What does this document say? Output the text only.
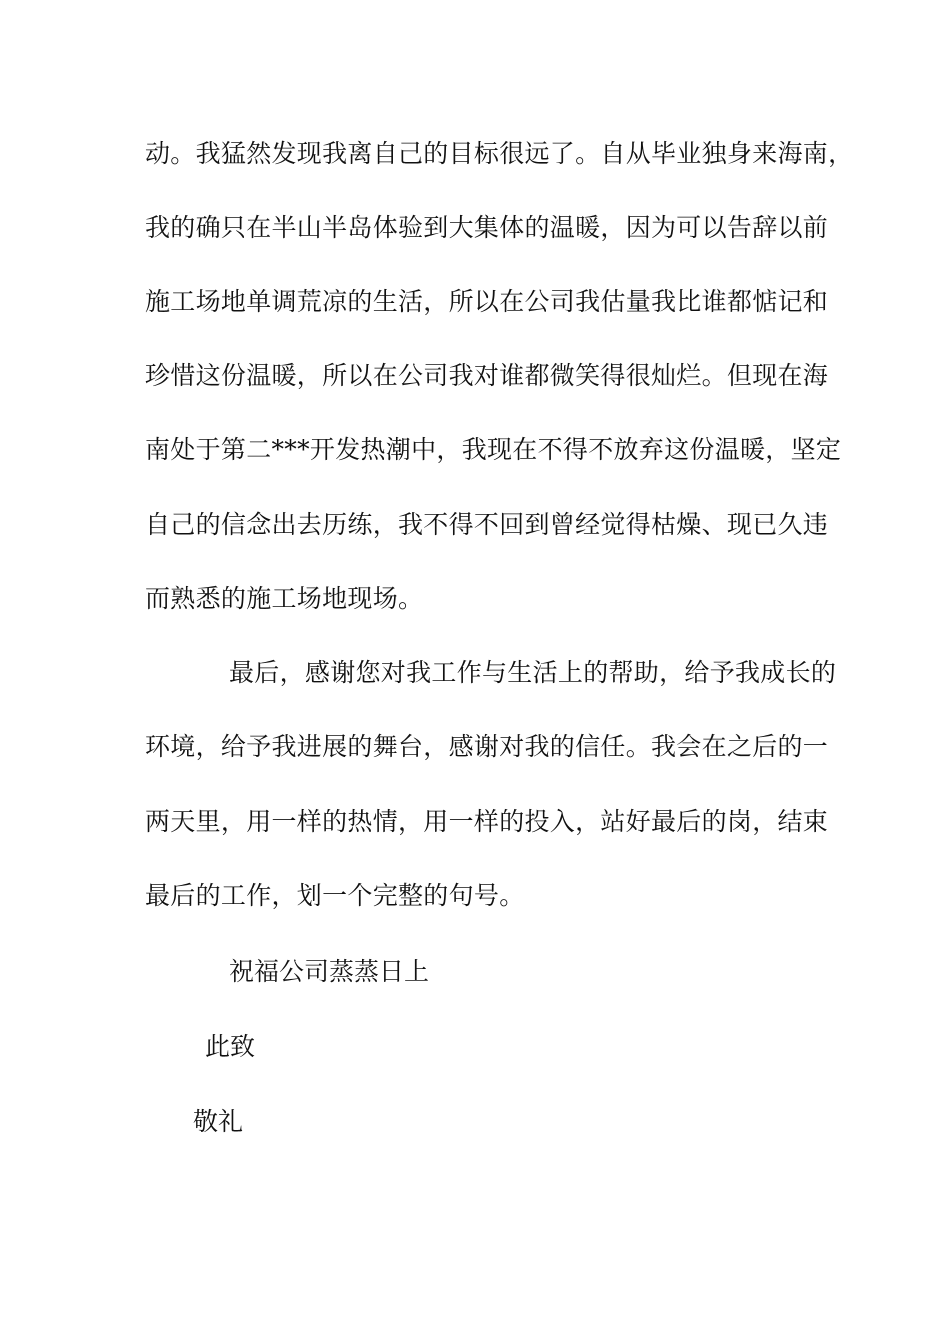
动。我猛然发现我离自己的目标很远了。自从毕业独身来海南，
我的确只在半山半岛体验到大集体的温暖，因为可以告辞以前
施工场地单调荒凉的生活，所以在公司我估量我比谁都惦记和
珍惜这份温暖，所以在公司我对谁都微笑得很灿烂。但现在海
南处于第二***开发热潮中，我现在不得不放弃这份温暖，坚定
自己的信念出去历练，我不得不回到曾经觉得枯燥、现已久违
而熟悉的施工场地现场。
最后，感谢您对我工作与生活上的帮助，给予我成长的
环境，给予我进展的舞台，感谢对我的信任。我会在之后的一
两天里，用一样的热情，用一样的投入，站好最后的岗，结束
最后的工作，划一个完整的句号。
祝福公司蒸蒸日上
此致
敬礼
